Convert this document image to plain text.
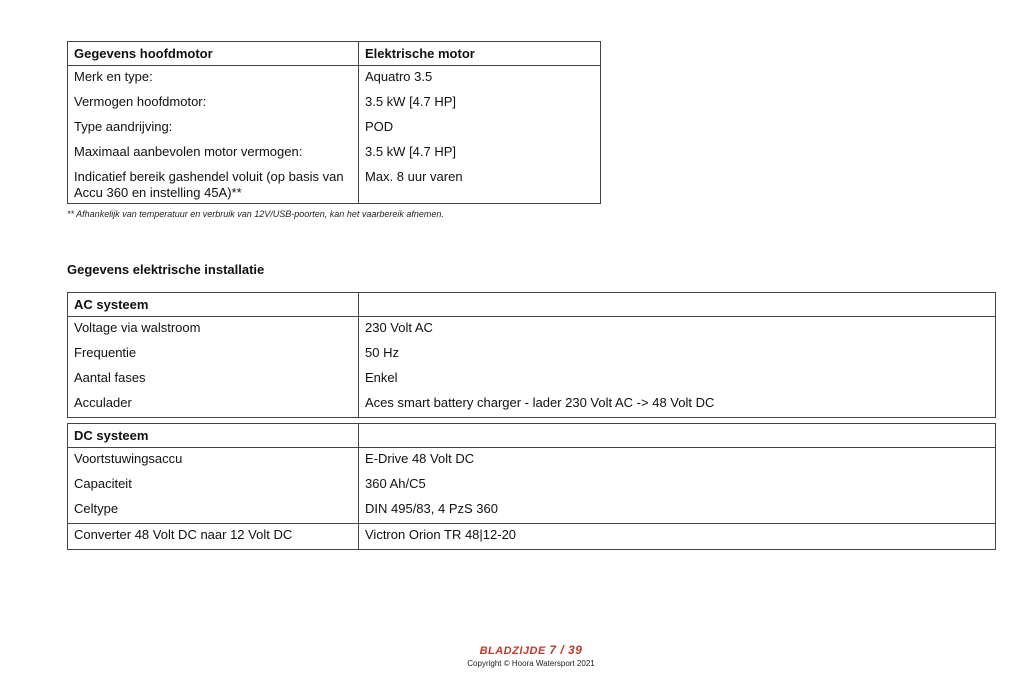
Gegevens hoofdmotor	Elektrische motor
Merk en type:	Aquatro 3.5
Vermogen hoofdmotor:	3.5 kW [4.7 HP]
Type aandrijving:	POD
Maximaal aanbevolen motor vermogen:	3.5 kW [4.7 HP]
Indicatief bereik gashendel voluit (op basis van Accu 360 en instelling 45A)**	Max. 8 uur varen
** Afhankelijk van temperatuur en verbruik van 12V/USB-poorten, kan het vaarbereik afnemen.
Gegevens elektrische installatie
AC systeem	
Voltage via walstroom	230 Volt AC
Frequentie	50 Hz
Aantal fases	Enkel
Acculader	Aces smart battery charger - lader 230 Volt AC -> 48 Volt DC
DC systeem	
Voortstuwingsaccu	E-Drive 48 Volt DC
Capaciteit	360 Ah/C5
Celtype	DIN 495/83, 4 PzS 360
Converter 48 Volt DC naar 12 Volt DC	Victron Orion TR 48|12-20
BLADZIJDE 7 / 39
Copyright © Hoora Watersport 2021
